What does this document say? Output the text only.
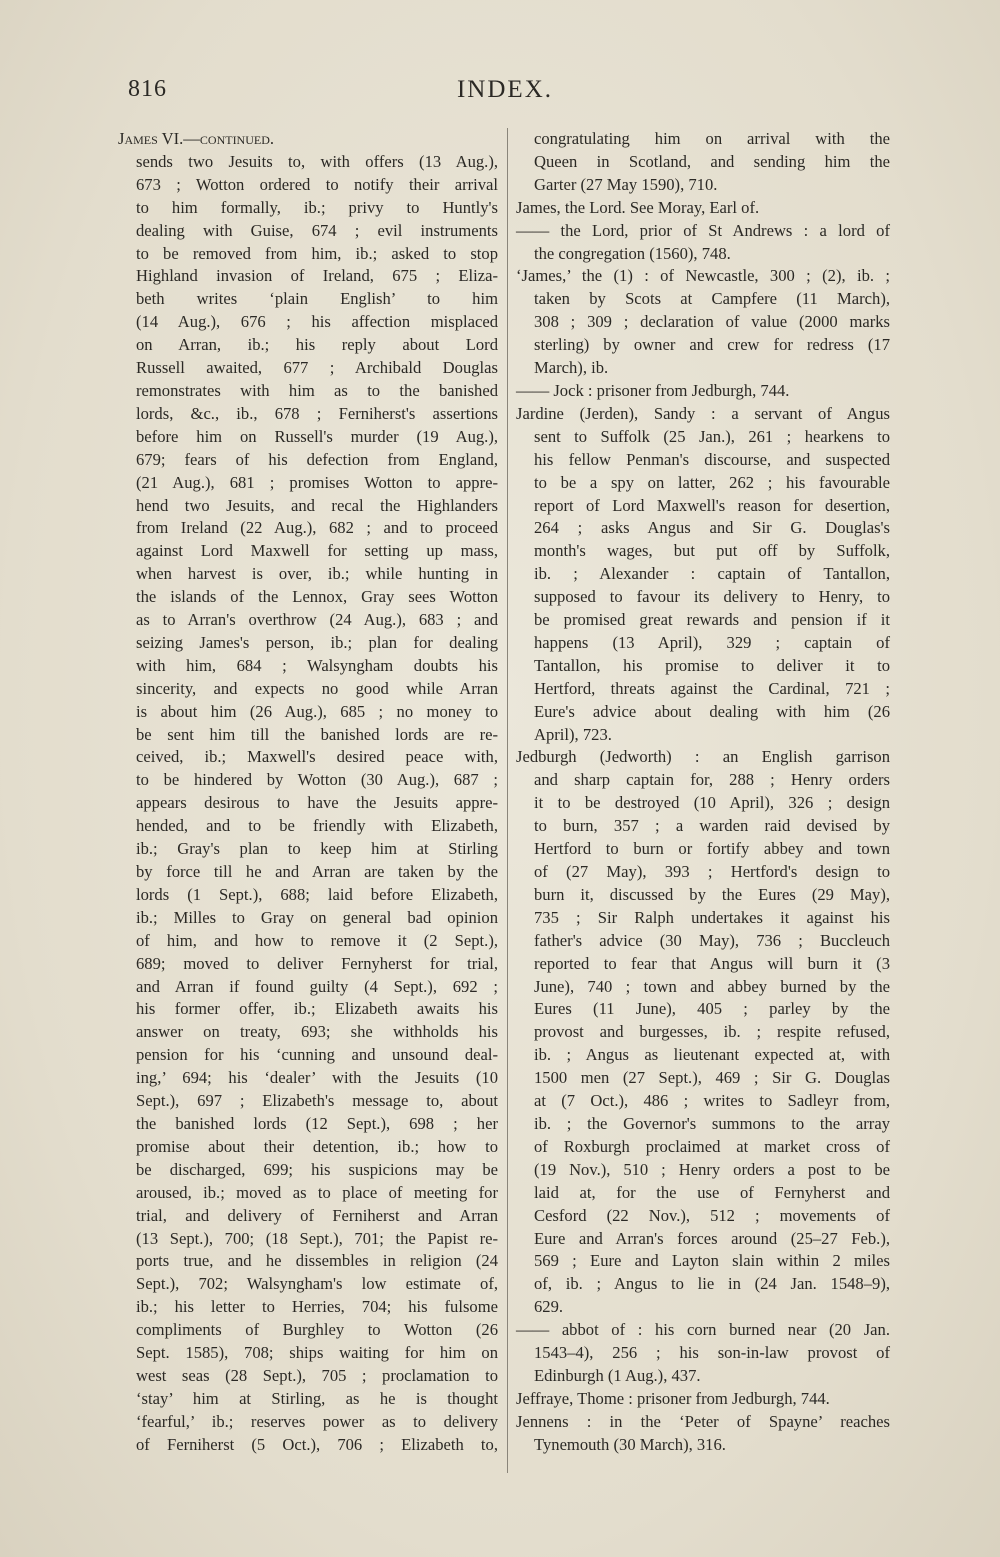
816	INDEX.
James VI.—continued.
sends two Jesuits to, with offers (13 Aug.),
673 ; Wotton ordered to notify their arrival
to him formally, ib.; privy to Huntly's
dealing with Guise, 674 ; evil instruments
to be removed from him, ib.; asked to stop
Highland invasion of Ireland, 675 ; Eliza-
beth writes ‘plain English’ to him
(14 Aug.), 676 ; his affection misplaced
on Arran, ib.; his reply about Lord
Russell awaited, 677 ; Archibald Douglas
remonstrates with him as to the banished
lords, &c., ib., 678 ; Ferniherst's assertions
before him on Russell's murder (19 Aug.),
679; fears of his defection from England,
(21 Aug.), 681 ; promises Wotton to appre-
hend two Jesuits, and recal the Highlanders
from Ireland (22 Aug.), 682 ; and to proceed
against Lord Maxwell for setting up mass,
when harvest is over, ib.; while hunting in
the islands of the Lennox, Gray sees Wotton
as to Arran's overthrow (24 Aug.), 683 ; and
seizing James's person, ib.; plan for dealing
with him, 684 ; Walsyngham doubts his
sincerity, and expects no good while Arran
is about him (26 Aug.), 685 ; no money to
be sent him till the banished lords are re-
ceived, ib.; Maxwell's desired peace with,
to be hindered by Wotton (30 Aug.), 687 ;
appears desirous to have the Jesuits appre-
hended, and to be friendly with Elizabeth,
ib.; Gray's plan to keep him at Stirling
by force till he and Arran are taken by the
lords (1 Sept.), 688; laid before Elizabeth,
ib.; Milles to Gray on general bad opinion
of him, and how to remove it (2 Sept.),
689; moved to deliver Fernyherst for trial,
and Arran if found guilty (4 Sept.), 692 ;
his former offer, ib.; Elizabeth awaits his
answer on treaty, 693; she withholds his
pension for his ‘cunning and unsound deal-
ing,’ 694; his ‘dealer’ with the Jesuits (10
Sept.), 697 ; Elizabeth's message to, about
the banished lords (12 Sept.), 698 ; her
promise about their detention, ib.; how to
be discharged, 699; his suspicions may be
aroused, ib.; moved as to place of meeting for
trial, and delivery of Ferniherst and Arran
(13 Sept.), 700; (18 Sept.), 701; the Papist re-
ports true, and he dissembles in religion (24
Sept.), 702; Walsyngham's low estimate of,
ib.; his letter to Herries, 704; his fulsome
compliments of Burghley to Wotton (26
Sept. 1585), 708; ships waiting for him on
west seas (28 Sept.), 705 ; proclamation to
‘stay’ him at Stirling, as he is thought
‘fearful,’ ib.; reserves power as to delivery
of Ferniherst (5 Oct.), 706 ; Elizabeth to,
congratulating him on arrival with the
Queen in Scotland, and sending him the
Garter (27 May 1590), 710.
James, the Lord. See Moray, Earl of.
—— the Lord, prior of St Andrews : a lord of
the congregation (1560), 748.
‘James,’ the (1) : of Newcastle, 300 ; (2), ib. ;
taken by Scots at Campfere (11 March),
308 ; 309 ; declaration of value (2000 marks
sterling) by owner and crew for redress (17
March), ib.
—— Jock : prisoner from Jedburgh, 744.
Jardine (Jerden), Sandy : a servant of Angus
sent to Suffolk (25 Jan.), 261 ; hearkens to
his fellow Penman's discourse, and suspected
to be a spy on latter, 262 ; his favourable
report of Lord Maxwell's reason for desertion,
264 ; asks Angus and Sir G. Douglas's
month's wages, but put off by Suffolk,
ib. ; Alexander : captain of Tantallon,
supposed to favour its delivery to Henry, to
be promised great rewards and pension if it
happens (13 April), 329 ; captain of
Tantallon, his promise to deliver it to
Hertford, threats against the Cardinal, 721 ;
Eure's advice about dealing with him (26
April), 723.
Jedburgh (Jedworth) : an English garrison
and sharp captain for, 288 ; Henry orders
it to be destroyed (10 April), 326 ; design
to burn, 357 ; a warden raid devised by
Hertford to burn or fortify abbey and town
of (27 May), 393 ; Hertford's design to
burn it, discussed by the Eures (29 May),
735 ; Sir Ralph undertakes it against his
father's advice (30 May), 736 ; Buccleuch
reported to fear that Angus will burn it (3
June), 740 ; town and abbey burned by the
Eures (11 June), 405 ; parley by the
provost and burgesses, ib. ; respite refused,
ib. ; Angus as lieutenant expected at, with
1500 men (27 Sept.), 469 ; Sir G. Douglas
at (7 Oct.), 486 ; writes to Sadleyr from,
ib. ; the Governor's summons to the array
of Roxburgh proclaimed at market cross of
(19 Nov.), 510 ; Henry orders a post to be
laid at, for the use of Fernyherst and
Cesford (22 Nov.), 512 ; movements of
Eure and Arran's forces around (25–27 Feb.),
569 ; Eure and Layton slain within 2 miles
of, ib. ; Angus to lie in (24 Jan. 1548–9),
629.
—— abbot of : his corn burned near (20 Jan.
1543–4), 256 ; his son-in-law provost of
Edinburgh (1 Aug.), 437.
Jeffraye, Thome : prisoner from Jedburgh, 744.
Jennens : in the ‘Peter of Spayne’ reaches
Tynemouth (30 March), 316.
